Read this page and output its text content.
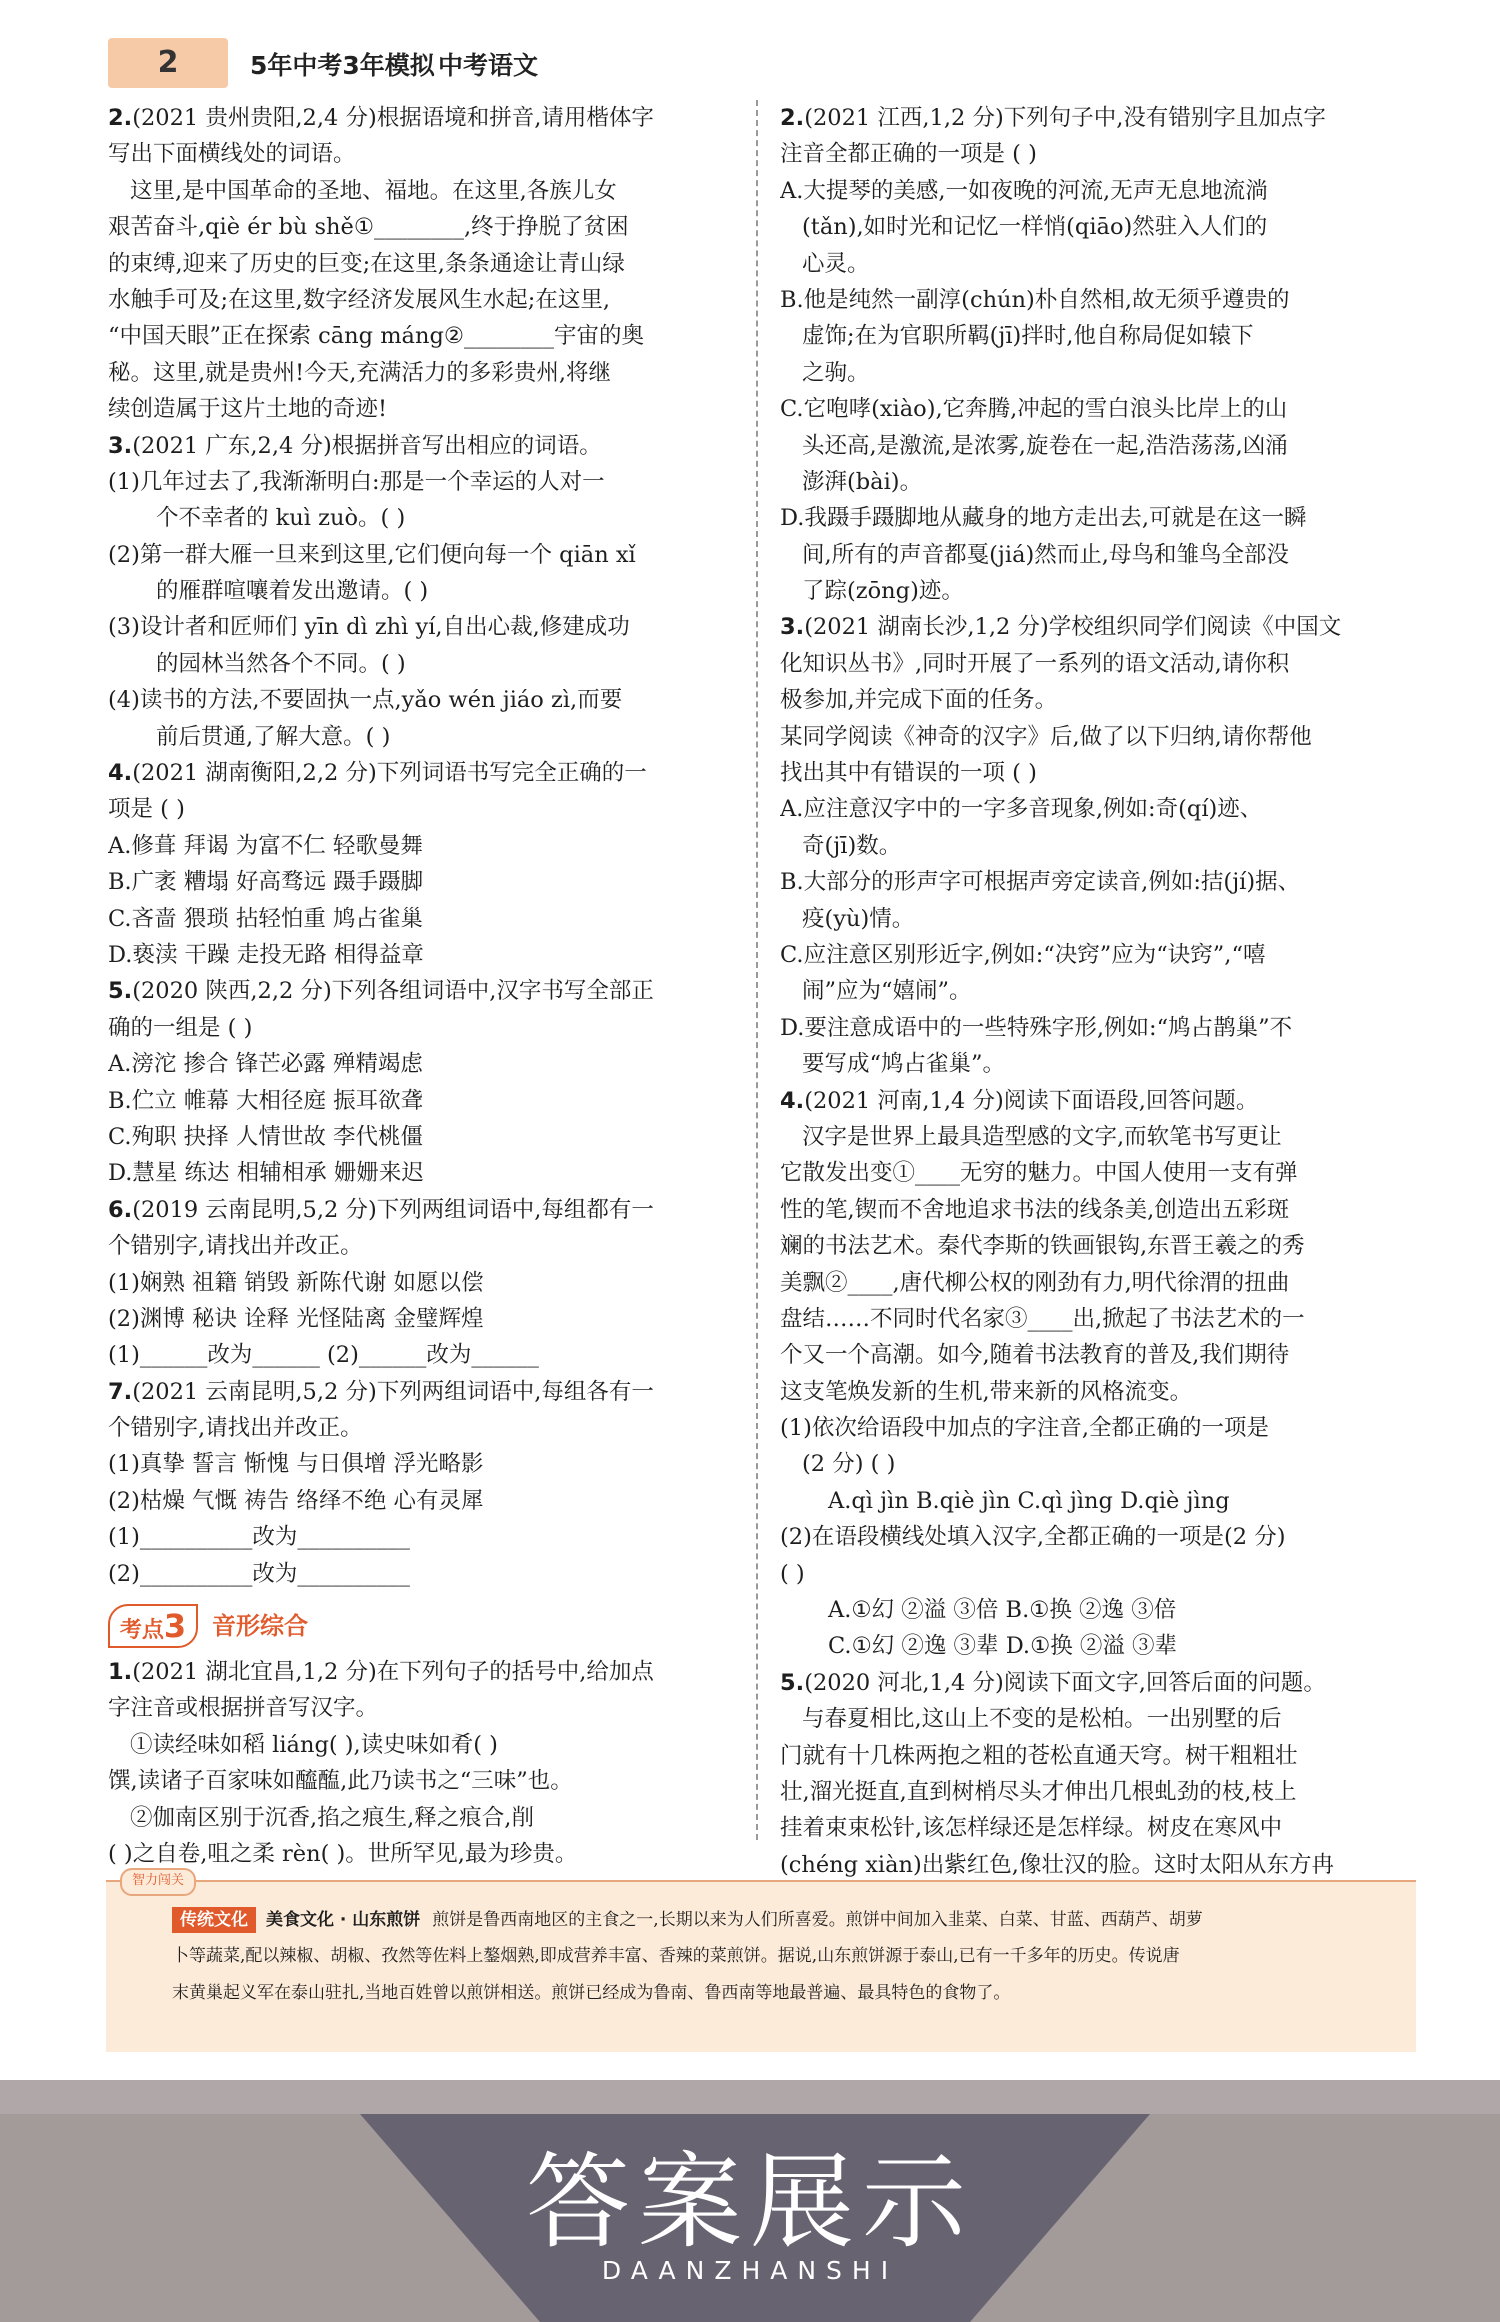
2	5年中考3年模拟 中考语文
2.(2021 贵州贵阳,2,4 分)根据语境和拼音,请用楷体字
写出下面横线处的词语。
这里,是中国革命的圣地、福地。在这里,各族儿女
艰苦奋斗,qiè ér bù shě①________,终于挣脱了贫困
的束缚,迎来了历史的巨变;在这里,条条通途让青山绿
水触手可及;在这里,数字经济发展风生水起;在这里,
“中国天眼”正在探索 cāng máng②________宇宙的奥
秘。这里,就是贵州!今天,充满活力的多彩贵州,将继
续创造属于这片土地的奇迹!
3.(2021 广东,2,4 分)根据拼音写出相应的词语。
(1)几年过去了,我渐渐明白:那是一个幸运的人对一
个不幸者的 kuì zuò。( )
(2)第一群大雁一旦来到这里,它们便向每一个 qiān xǐ
的雁群喧嚷着发出邀请。( )
(3)设计者和匠师们 yīn dì zhì yí,自出心裁,修建成功
的园林当然各个不同。( )
(4)读书的方法,不要固执一点,yǎo wén jiáo zì,而要
前后贯通,了解大意。( )
4.(2021 湖南衡阳,2,2 分)下列词语书写完全正确的一
项是 ( )
A.修葺 拜谒 为富不仁 轻歌曼舞
B.广袤 糟塌 好高骛远 蹑手蹑脚
C.吝啬 猥琐 拈轻怕重 鸠占雀巢
D.亵渎 干躁 走投无路 相得益章
5.(2020 陕西,2,2 分)下列各组词语中,汉字书写全部正
确的一组是 ( )
A.滂沱 掺合 锋芒必露 殚精竭虑
B.伫立 帷幕 大相径庭 振耳欲聋
C.殉职 抉择 人情世故 李代桃僵
D.慧星 练达 相辅相承 姗姗来迟
6.(2019 云南昆明,5,2 分)下列两组词语中,每组都有一
个错别字,请找出并改正。
(1)娴熟 祖籍 销毁 新陈代谢 如愿以偿
(2)渊博 秘诀 诠释 光怪陆离 金璧辉煌
(1)______改为______ (2)______改为______
7.(2021 云南昆明,5,2 分)下列两组词语中,每组各有一
个错别字,请找出并改正。
(1)真挚 誓言 惭愧 与日俱增 浮光略影
(2)枯燥 气慨 祷告 络绎不绝 心有灵犀
(1)__________改为__________
(2)__________改为__________
考点3	音形综合
1.(2021 湖北宜昌,1,2 分)在下列句子的括号中,给加点
字注音或根据拼音写汉字。
①读经味如稻 liáng( ),读史味如肴( )
馔,读诸子百家味如醯醢,此乃读书之“三味”也。
②伽南区别于沉香,掐之痕生,释之痕合,削
( )之自卷,咀之柔 rèn( )。世所罕见,最为珍贵。
2.(2021 江西,1,2 分)下列句子中,没有错别字且加点字
注音全都正确的一项是 ( )
A.大提琴的美感,一如夜晚的河流,无声无息地流淌
(tǎn),如时光和记忆一样悄(qiāo)然驻入人们的
心灵。
B.他是纯然一副淳(chún)朴自然相,故无须乎遵贵的
虚饰;在为官职所羁(jī)拌时,他自称局促如辕下
之驹。
C.它咆哮(xiào),它奔腾,冲起的雪白浪头比岸上的山
头还高,是激流,是浓雾,旋卷在一起,浩浩荡荡,凶涌
澎湃(bài)。
D.我蹑手蹑脚地从藏身的地方走出去,可就是在这一瞬
间,所有的声音都戛(jiá)然而止,母鸟和雏鸟全部没
了踪(zōng)迹。
3.(2021 湖南长沙,1,2 分)学校组织同学们阅读《中国文
化知识丛书》,同时开展了一系列的语文活动,请你积
极参加,并完成下面的任务。
某同学阅读《神奇的汉字》后,做了以下归纳,请你帮他
找出其中有错误的一项 ( )
A.应注意汉字中的一字多音现象,例如:奇(qí)迹、
奇(jī)数。
B.大部分的形声字可根据声旁定读音,例如:拮(jí)据、
疫(yù)情。
C.应注意区别形近字,例如:“决窍”应为“诀窍”,“嘻
闹”应为“嬉闹”。
D.要注意成语中的一些特殊字形,例如:“鸠占鹊巢”不
要写成“鸠占雀巢”。
4.(2021 河南,1,4 分)阅读下面语段,回答问题。
汉字是世界上最具造型感的文字,而软笔书写更让
它散发出变①____无穷的魅力。中国人使用一支有弹
性的笔,锲而不舍地追求书法的线条美,创造出五彩斑
斓的书法艺术。秦代李斯的铁画银钩,东晋王羲之的秀
美飘②____,唐代柳公权的刚劲有力,明代徐渭的扭曲
盘结……不同时代名家③____出,掀起了书法艺术的一
个又一个高潮。如今,随着书法教育的普及,我们期待
这支笔焕发新的生机,带来新的风格流变。
(1)依次给语段中加点的字注音,全都正确的一项是
(2 分) ( )
A.qì jìn B.qiè jìn C.qì jìng D.qiè jìng
(2)在语段横线处填入汉字,全都正确的一项是(2 分)
( )
A.①幻 ②溢 ③倍 B.①换 ②逸 ③倍
C.①幻 ②逸 ③辈 D.①换 ②溢 ③辈
5.(2020 河北,1,4 分)阅读下面文字,回答后面的问题。
与春夏相比,这山上不变的是松柏。一出别墅的后
门就有十几株两抱之粗的苍松直通天穹。树干粗粗壮
壮,溜光挺直,直到树梢尽头才伸出几根虬劲的枝,枝上
挂着束束松针,该怎样绿还是怎样绿。树皮在寒风中
(chéng xiàn)出紫红色,像壮汉的脸。这时太阳从东方冉
智力闯关
传统文化 美食文化 · 山东煎饼 煎饼是鲁西南地区的主食之一,长期以来为人们所喜爱。煎饼中间加入韭菜、白菜、甘蓝、西葫芦、胡萝
卜等蔬菜,配以辣椒、胡椒、孜然等佐料上鏊烟熟,即成营养丰富、香辣的菜煎饼。据说,山东煎饼源于泰山,已有一千多年的历史。传说唐
末黄巢起义军在泰山驻扎,当地百姓曾以煎饼相送。煎饼已经成为鲁南、鲁西南等地最普遍、最具特色的食物了。
答案展示
DAANZHANSHI
